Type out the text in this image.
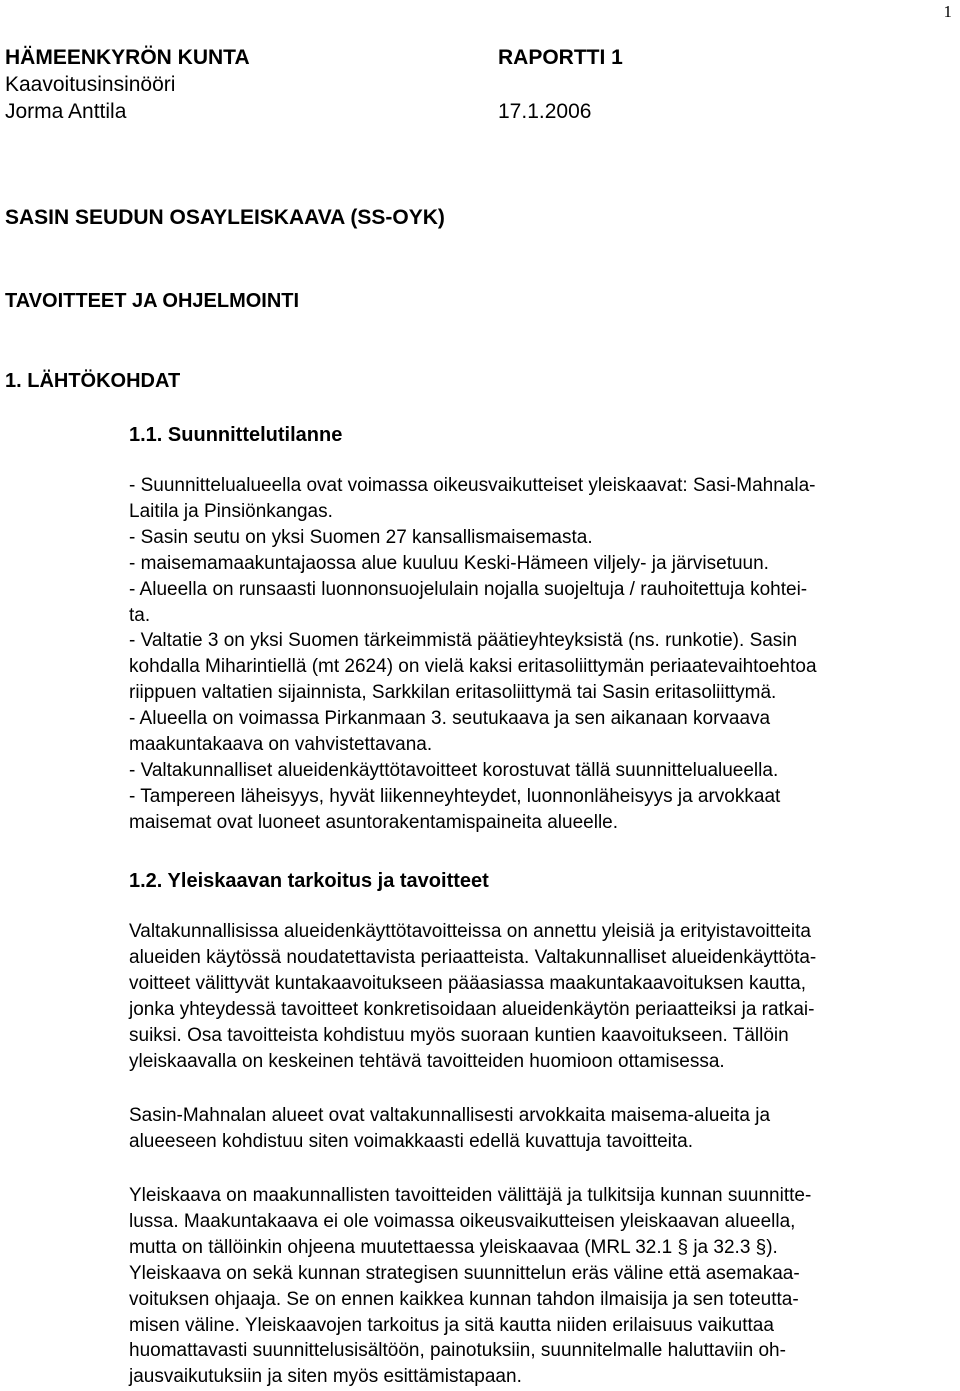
1
HÄMEENKYRÖN KUNTA	RAPORTTI 1
Kaavoitusinsinööri
Jorma Anttila	17.1.2006
SASIN SEUDUN OSAYLEISKAAVA (SS-OYK)
TAVOITTEET JA OHJELMOINTI
1. LÄHTÖKOHDAT
1.1. Suunnittelutilanne
- Suunnittelualueella ovat voimassa oikeusvaikutteiset yleiskaavat: Sasi-Mahnala-
Laitila ja Pinsiönkangas.
- Sasin seutu on yksi Suomen 27 kansallismaisemasta.
- maisemamaakuntajaossa alue kuuluu Keski-Hämeen viljely- ja järvisetuun.
- Alueella on runsaasti luonnonsuojelulain nojalla suojeltuja / rauhoitettuja kohtei-
ta.
- Valtatie 3 on yksi Suomen tärkeimmistä päätieyhteyksistä (ns. runkotie). Sasin
kohdalla Miharintiellä (mt 2624) on vielä kaksi eritasoliittymän periaatevaihtoehtoa
riippuen valtatien sijainnista, Sarkkilan eritasoliittymä tai Sasin eritasoliittymä.
- Alueella on voimassa Pirkanmaan 3. seutukaava ja sen aikanaan korvaava
maakuntakaava on vahvistettavana.
- Valtakunnalliset alueidenkäyttötavoitteet korostuvat tällä suunnittelualueella.
- Tampereen läheisyys, hyvät liikenneyhteydet, luonnonläheisyys ja arvokkaat
maisemat ovat luoneet asuntorakentamispaineita alueelle.
1.2. Yleiskaavan tarkoitus ja tavoitteet
Valtakunnallisissa alueidenkäyttötavoitteissa on annettu yleisiä ja erityistavoitteita
alueiden käytössä noudatettavista periaatteista. Valtakunnalliset alueidenkäyttöta-
voitteet välittyvät kuntakaavoitukseen pääasiassa maakuntakaavoituksen kautta,
jonka yhteydessä tavoitteet konkretisoidaan alueidenkäytön periaatteiksi ja ratkai-
suiksi. Osa tavoitteista kohdistuu myös suoraan kuntien kaavoitukseen. Tällöin
yleiskaavalla on keskeinen tehtävä tavoitteiden huomioon ottamisessa.
Sasin-Mahnalan alueet ovat valtakunnallisesti arvokkaita maisema-alueita ja
alueeseen kohdistuu siten voimakkaasti edellä kuvattuja tavoitteita.
Yleiskaava on maakunnallisten tavoitteiden välittäjä ja tulkitsija kunnan suunnitte-
lussa. Maakuntakaava ei ole voimassa oikeusvaikutteisen yleiskaavan alueella,
mutta on tällöinkin ohjeena muutettaessa yleiskaavaa (MRL 32.1 § ja 32.3 §).
Yleiskaava on sekä kunnan strategisen suunnittelun eräs väline että asemakaa-
voituksen ohjaaja. Se on ennen kaikkea kunnan tahdon ilmaisija ja sen toteutta-
misen väline. Yleiskaavojen tarkoitus ja sitä kautta niiden erilaisuus vaikuttaa
huomattavasti suunnittelusisältöön, painotuksiin, suunnitelmalle haluttaviin oh-
jausvaikutuksiin ja siten myös esittämistapaan.
